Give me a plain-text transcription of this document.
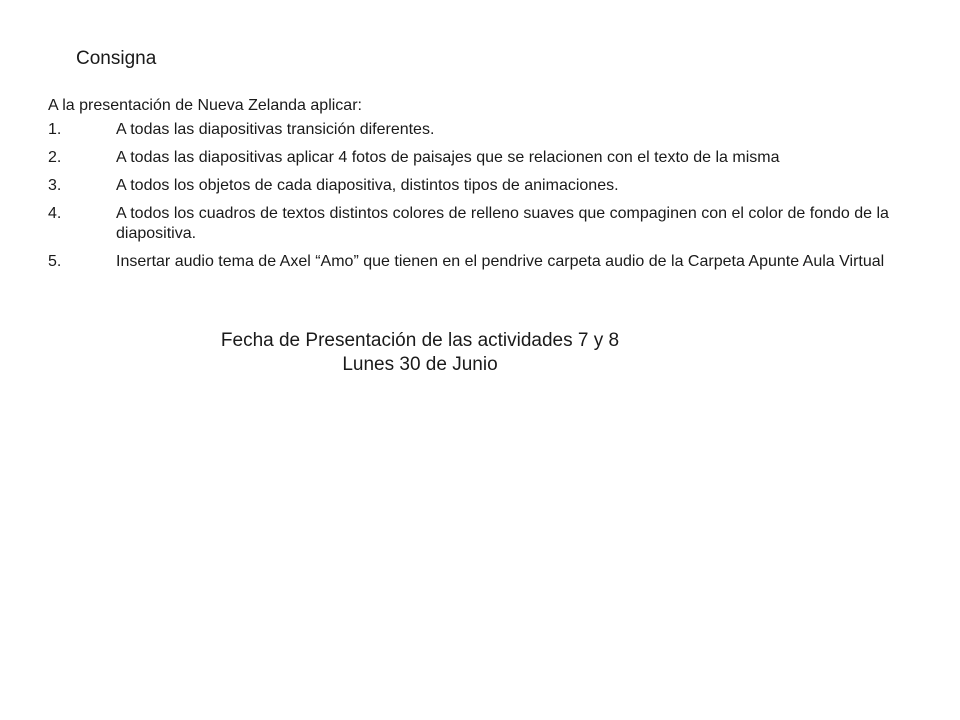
Consigna
A la presentación de Nueva Zelanda aplicar:
1.	A todas las diapositivas transición diferentes.
2.	A todas las diapositivas aplicar 4 fotos de paisajes que se relacionen con el texto de la misma
3.	A todos los objetos de cada diapositiva, distintos tipos de animaciones.
4.	A todos los cuadros de textos distintos colores de relleno suaves que compaginen con el color de fondo de la diapositiva.
5.	Insertar audio tema de Axel “Amo” que tienen en el pendrive carpeta audio de la Carpeta Apunte Aula Virtual
Fecha de Presentación de las actividades 7 y 8
Lunes 30 de Junio
